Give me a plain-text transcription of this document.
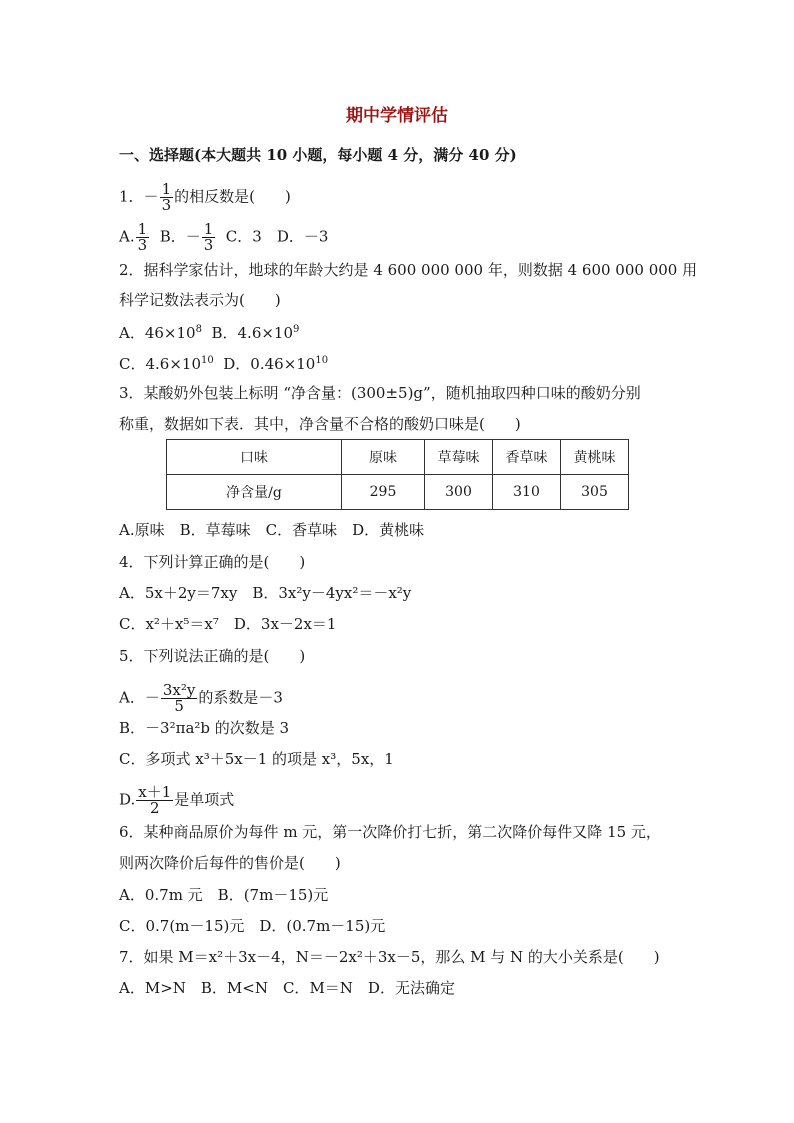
期中学情评估
一、选择题(本大题共 10 小题，每小题 4 分，满分 40 分)
1．－ $\frac{1}{3}$ 的相反数是(　　)
A. $\frac{1}{3}$ B．－ $\frac{1}{3}$ C．3　D．－3
2．据科学家估计，地球的年龄大约是 4 600 000 000 年，则数据 4 600 000 000 用
科学记数法表示为(　　)
A．$46\times 10^8$  B．$4.6\times 10^9$
C．$4.6\times 10^{10}$  D．$0.46\times 10^{10}$
3．某酸奶外包装上标明 “净含量：(300±5)g”，随机抽取四种口味的酸奶分别
称重，数据如下表．其中，净含量不合格的酸奶口味是(　　)
口味	原味	草莓味	香草味	黄桃味
净含量/g	295	300	310	305
A.原味　B．草莓味　C．香草味　D．黄桃味
4．下列计算正确的是(　　)
A．5x＋2y＝7xy　B．3x²y－4yx²＝－x²y
C．x²＋x⁵＝x⁷　D．3x－2x＝1
5．下列说法正确的是(　　)
A．－ $\frac{\text{3x²y}}{5}$ 的系数是－3
B．－3²πa²b 的次数是 3
C．多项式 x³＋5x－1 的项是 x³，5x，1
D. $\frac{x+1}{2}$ 是单项式
6．某种商品原价为每件 m 元，第一次降价打七折，第二次降价每件又降 15 元，
则两次降价后每件的售价是(　　)
A．0.7m 元　B．(7m－15)元
C．0.7(m－15)元　D．(0.7m－15)元
7．如果 M＝x²＋3x－4，N＝－2x²＋3x－5，那么 M 与 N 的大小关系是(　　)
A．M>N　B．M<N　C．M＝N　D．无法确定
